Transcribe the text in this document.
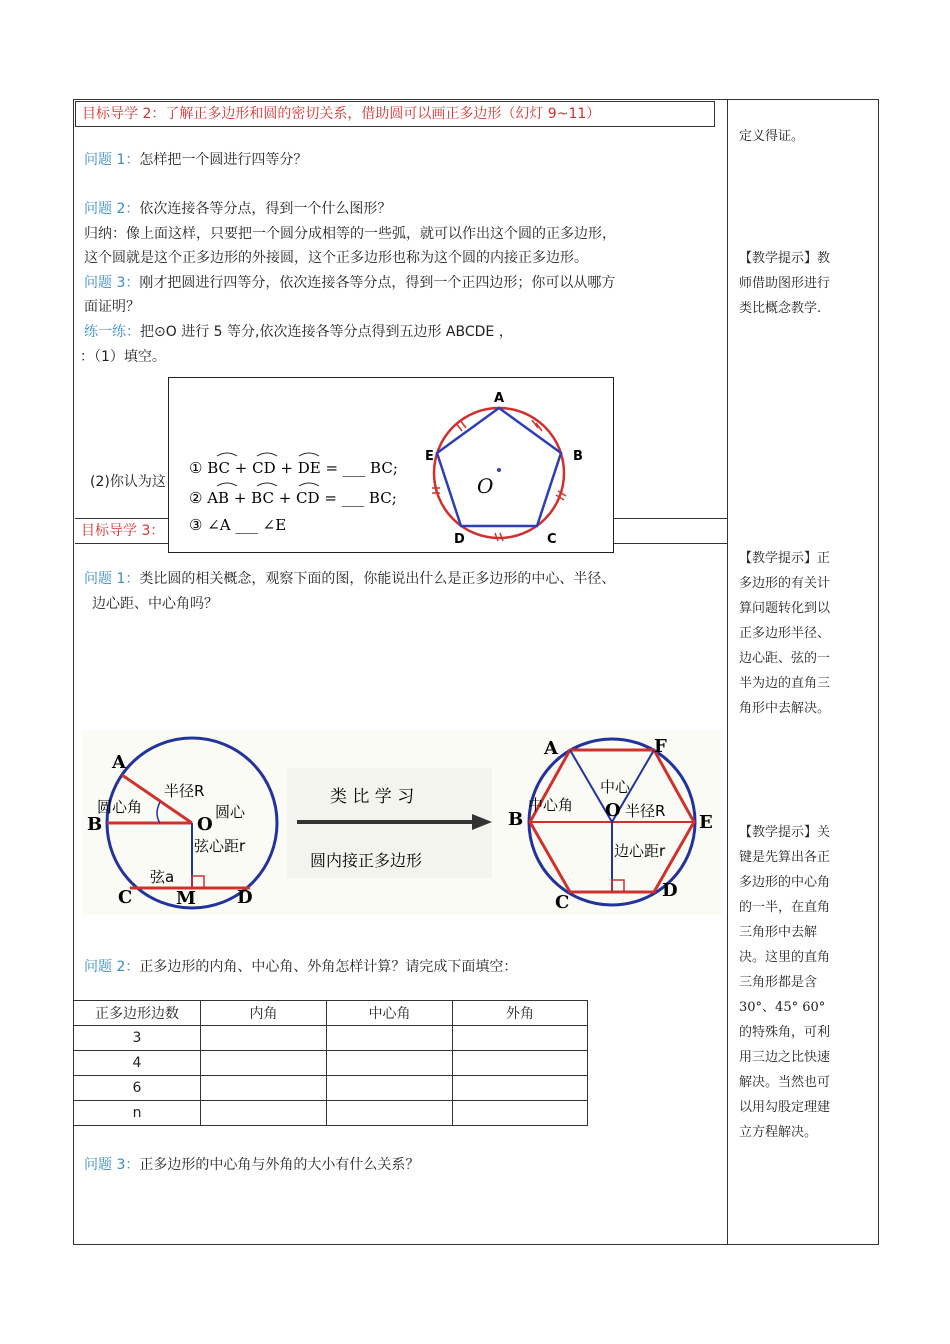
目标导学 2：了解正多边形和圆的密切关系，借助圆可以画正多边形（幻灯 9~11）
问题 1：怎样把一个圆进行四等分？
问题 2：依次连接各等分点，得到一个什么图形？
归纳：像上面这样，只要把一个圆分成相等的一些弧，就可以作出这个圆的正多边形，
这个圆就是这个正多边形的外接圆，这个正多边形也称为这个圆的内接正多边形。
问题 3：刚才把圆进行四等分，依次连接各等分点，得到一个正四边形；你可以从哪方
面证明？
练一练：把⊙O 进行 5 等分,依次连接各等分点得到五边形 ABCDE ，
：（1）填空。
(2)你认为这
目标导学 3：
① BC + CD + DE = ___ BC;
② AB + BC + CD = ___ BC;
③ ∠A ___ ∠E
A
B
C
D
E
O
问题 1：类比圆的相关概念，观察下面的图，你能说出什么是正多边形的中心、半径、
边心距、中心角吗？
A
B	O
C M D
半径R
圆心角	圆心
弦心距r
弦a
类 比 学 习
圆内接正多边形
A	F
B	E
O
C
D
中心
中心角	半径R
边心距r
问题 2：正多边形的内角、中心角、外角怎样计算？请完成下面填空：
正多边形边数	内角	中心角	外角
3			
4			
6			
n			
问题 3：正多边形的中心角与外角的大小有什么关系？
定义得证。
【教学提示】教
师借助图形进行
类比概念教学.
【教学提示】正
多边形的有关计
算问题转化到以
正多边形半径、
边心距、弦的一
半为边的直角三
角形中去解决。
【教学提示】关
键是先算出各正
多边形的中心角
的一半，在直角
三角形中去解
决。这里的直角
三角形都是含
30°、45° 60°
的特殊角，可利
用三边之比快速
解决。当然也可
以用勾股定理建
立方程解决。
